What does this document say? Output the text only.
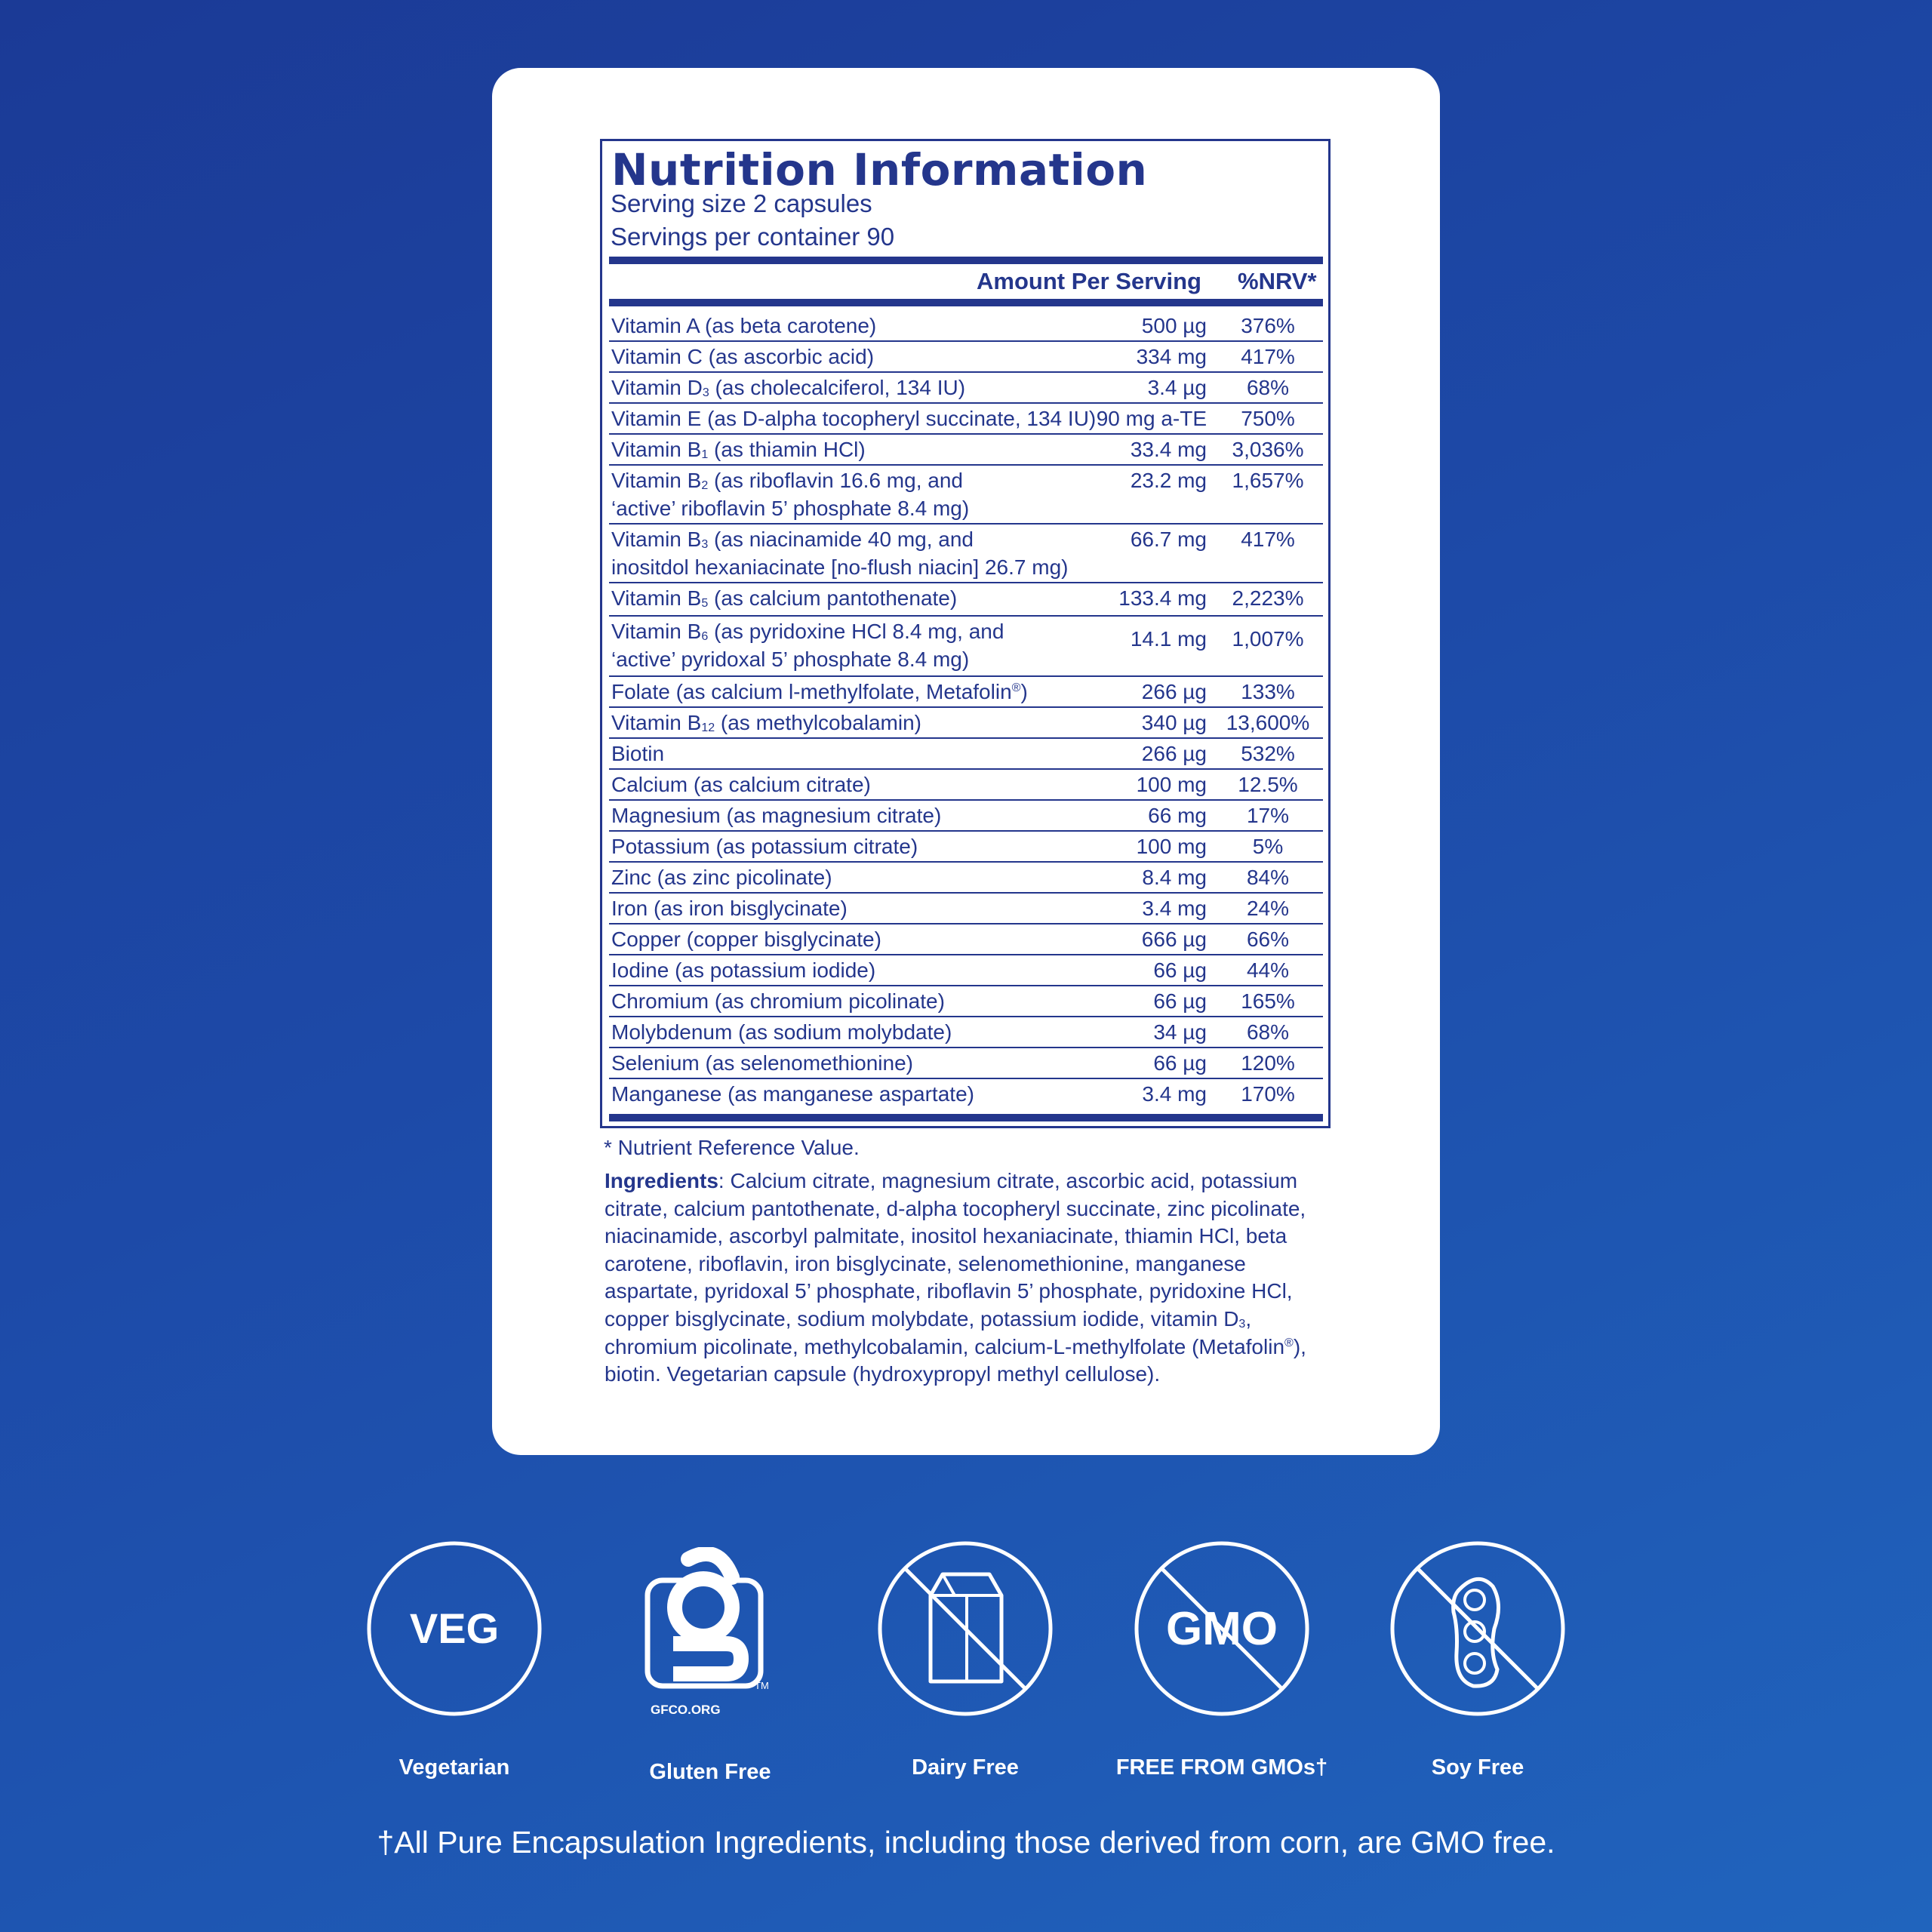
Nutrition Information
Serving size 2 capsules
Servings per container 90
Amount Per Serving %NRV*
Vitamin A (as beta carotene)	500 µg	376%
Vitamin C (as ascorbic acid)	334 mg	417%
Vitamin $D_3$ (as cholecalciferol, 134 IU)	3.4 µg	68%
Vitamin E (as D-alpha tocopheryl succinate, 134 IU) 90 mg a-TE	750%
Vitamin $B_1$ (as thiamin HCl)	33.4 mg	3,036%
Vitamin $B_2$ (as riboflavin 16.6 mg, and
‘active’ riboflavin 5’ phosphate 8.4 mg)
23.2 mg	1,657%
Vitamin $B_3$ (as niacinamide 40 mg, and
inositdol hexaniacinate [no-flush niacin] 26.7 mg)
66.7 mg	417%
Vitamin $B_5$ (as calcium pantothenate)	133.4 mg	2,223%
Vitamin $B_6$ (as pyridoxine HCl 8.4 mg, and
‘active’ pyridoxal 5’ phosphate 8.4 mg)
14.1 mg	1,007%
Folate (as calcium l-methylfolate, Metafolin®)	266 µg	133%
Vitamin $B_{12}$ (as methylcobalamin)	340 µg 13,600%
Biotin	266 µg	532%
Calcium (as calcium citrate)	100 mg	12.5%
Magnesium (as magnesium citrate)	66 mg	17%
Potassium (as potassium citrate)	100 mg	5%
Zinc (as zinc picolinate)	8.4 mg	84%
Iron (as iron bisglycinate)	3.4 mg	24%
Copper (copper bisglycinate)	666 µg	66%
Iodine (as potassium iodide)	66 µg	44%
Chromium (as chromium picolinate)	66 µg	165%
Molybdenum (as sodium molybdate)	34 µg	68%
Selenium (as selenomethionine)	66 µg	120%
Manganese (as manganese aspartate)	3.4 mg	170%
* Nutrient Reference Value.
Ingredients: Calcium citrate, magnesium citrate, ascorbic acid, potassium
citrate, calcium pantothenate, d-alpha tocopheryl succinate, zinc picolinate,
niacinamide, ascorbyl palmitate, inositol hexaniacinate, thiamin HCl, beta
carotene, riboflavin, iron bisglycinate, selenomethionine, manganese
aspartate, pyridoxal 5’ phosphate, riboflavin 5’ phosphate, pyridoxine HCl,
copper bisglycinate, sodium molybdate, potassium iodide, vitamin $D_3$,
chromium picolinate, methylcobalamin, calcium-L-methylfolate (Metafolin®),
biotin. Vegetarian capsule (hydroxypropyl methyl cellulose).
VEG
GFCO.ORG
TM
GMO
Vegetarian	Gluten Free	Dairy Free	FREE FROM GMOs†	Soy Free
†All Pure Encapsulation Ingredients, including those derived from corn, are GMO free.
